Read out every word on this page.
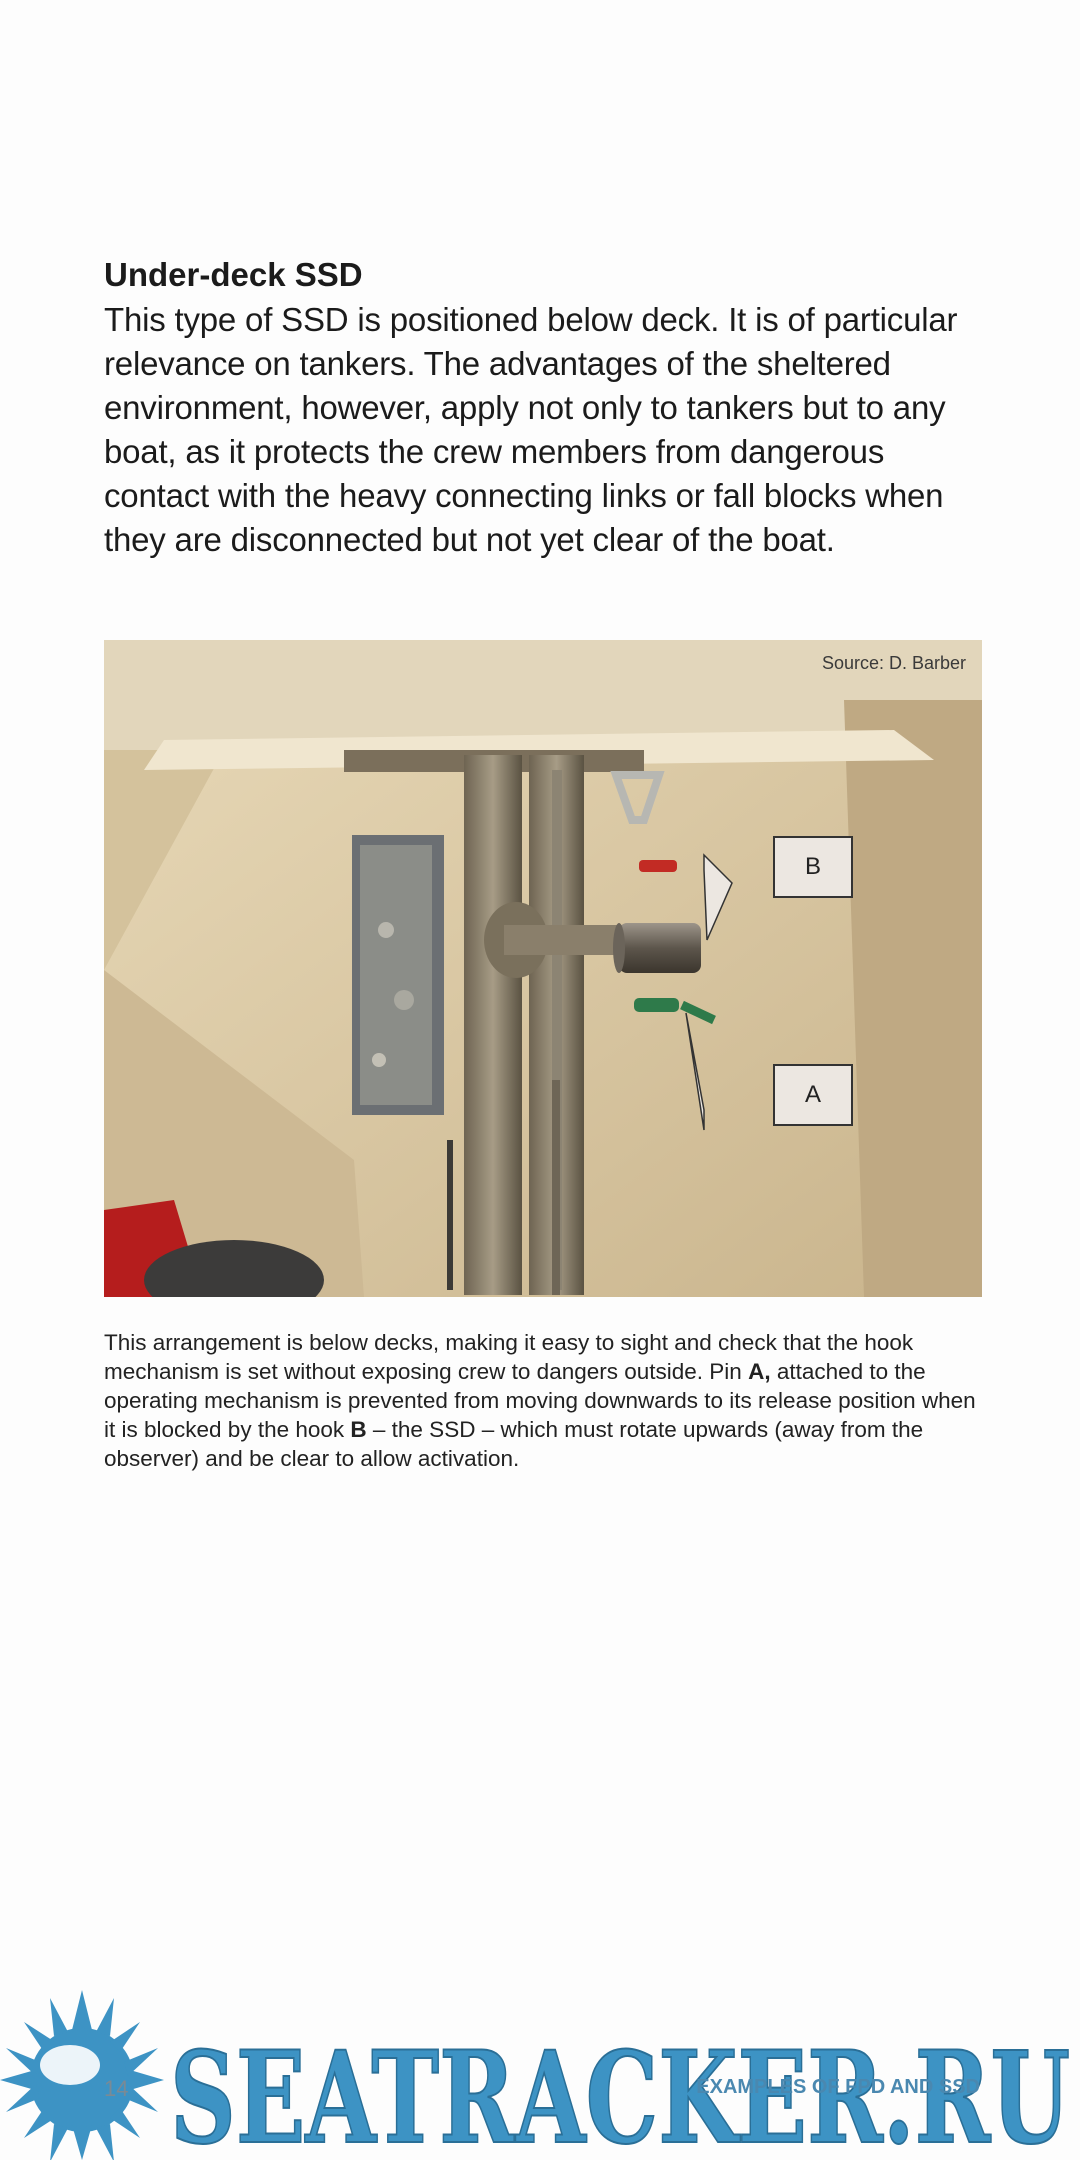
Under-deck SSD

This type of SSD is positioned below deck. It is of particular relevance on tankers. The advantages of the sheltered environment, however, apply not only to tankers but to any boat, as it protects the crew members from dangerous contact with the heavy connecting links or fall blocks when they are disconnected but not yet clear of the boat.

Source: D. Barber
B
A

This arrangement is below decks, making it easy to sight and check that the hook mechanism is set without exposing crew to dangers outside. Pin A, attached to the operating mechanism is prevented from moving downwards to its release position when it is blocked by the hook B – the SSD – which must rotate upwards (away from the observer) and be clear to allow activation.

SEATRACKER.RU
14	EXAMPLES OF FPD AND SSD
